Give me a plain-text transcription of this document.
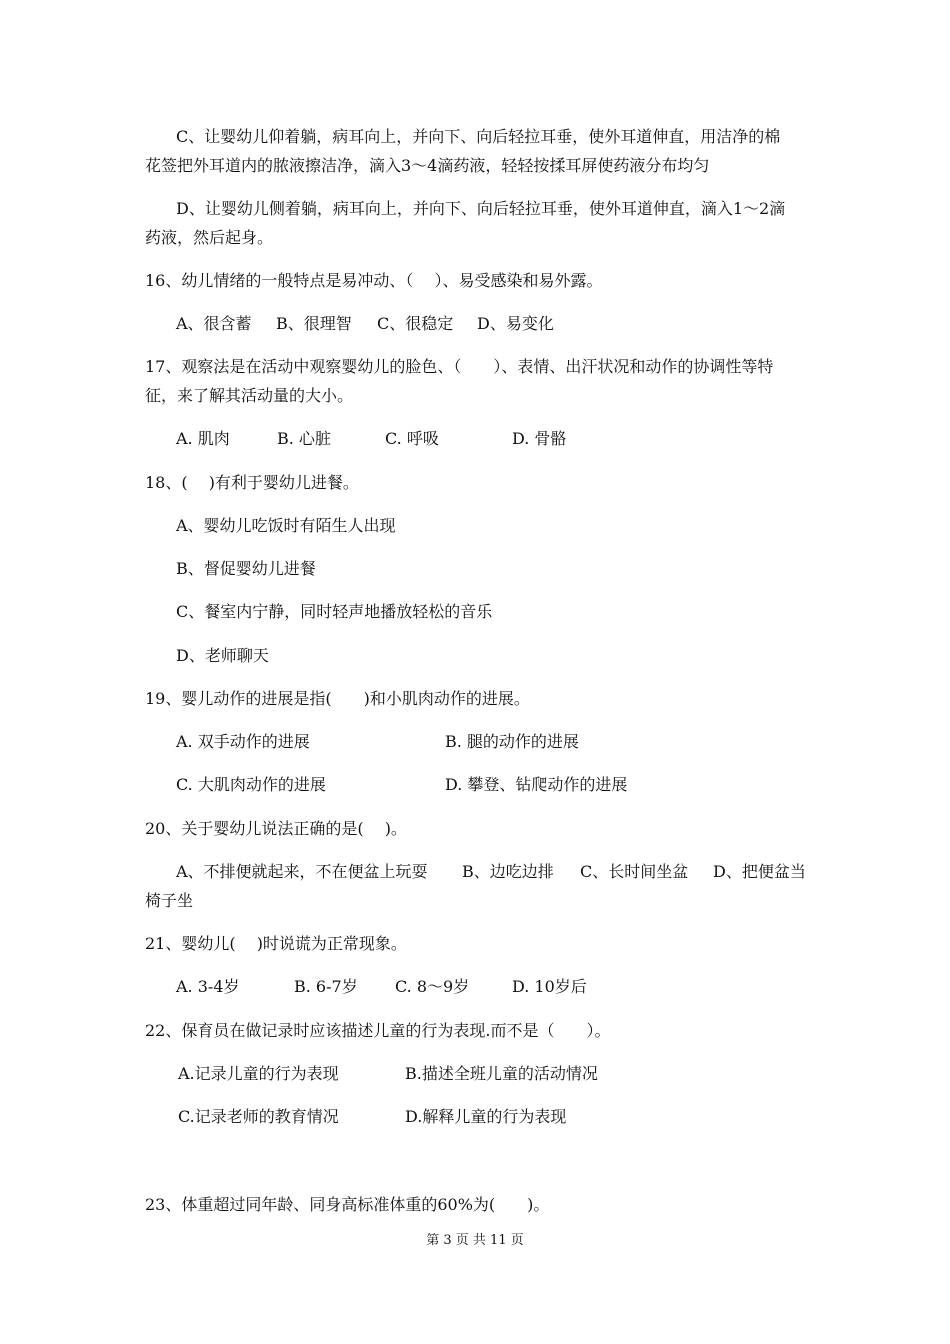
C、让婴幼儿仰着躺，病耳向上，并向下、向后轻拉耳垂，使外耳道伸直，用洁净的棉
花签把外耳道内的脓液擦洁净，滴入3～4滴药液，轻轻按揉耳屏使药液分布均匀
D、让婴幼儿侧着躺，病耳向上，并向下、向后轻拉耳垂，使外耳道伸直，滴入1～2滴
药液，然后起身。
16、幼儿情绪的一般特点是易冲动、（　 ）、易受感染和易外露。
A、很含蓄 B、很理智 C、很稳定 D、易变化
17、观察法是在活动中观察婴幼儿的脸色、（　　）、表情、出汗状况和动作的协调性等特
征，来了解其活动量的大小。
A. 肌肉	B. 心脏	C. 呼吸	D. 骨骼
18、(　 )有利于婴幼儿进餐。
A、婴幼儿吃饭时有陌生人出现
B、督促婴幼儿进餐
C、餐室内宁静，同时轻声地播放轻松的音乐
D、老师聊天
19、婴儿动作的进展是指(　　)和小肌肉动作的进展。
A. 双手动作的进展	B. 腿的动作的进展
C. 大肌肉动作的进展	D. 攀登、钻爬动作的进展
20、关于婴幼儿说法正确的是(　 )。
A、不排便就起来，不在便盆上玩耍 B、边吃边排 C、长时间坐盆 D、把便盆当
椅子坐
21、婴幼儿(　 )时说谎为正常现象。
A. 3-4岁	B. 6-7岁 C. 8～9岁	D. 10岁后
22、保育员在做记录时应该描述儿童的行为表现.而不是（　　）。
A.记录儿童的行为表现	B.描述全班儿童的活动情况
C.记录老师的教育情况	D.解释儿童的行为表现
23、体重超过同年龄、同身高标准体重的60%为(　　)。
第 3 页 共 11 页
